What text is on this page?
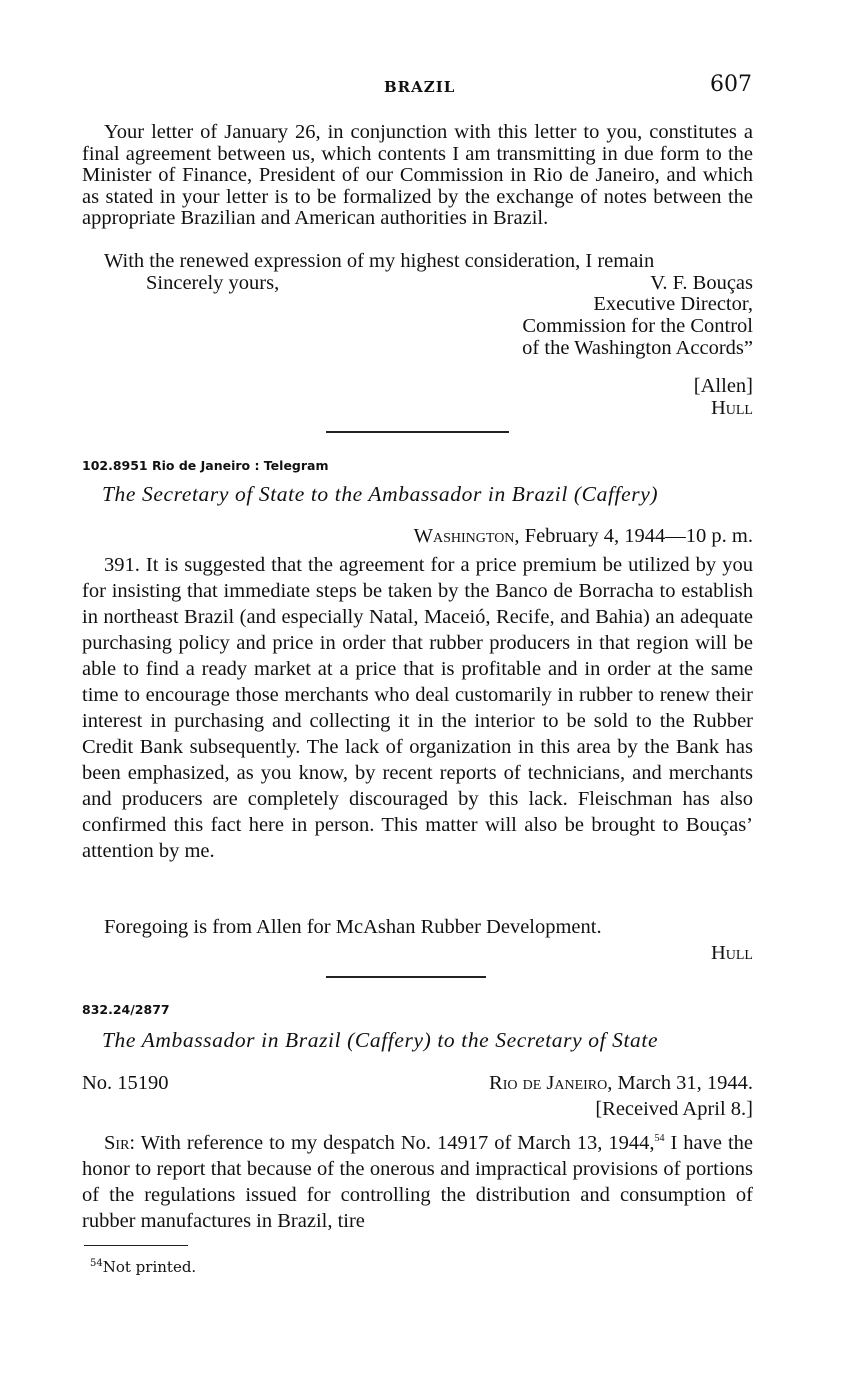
BRAZIL	607

Your letter of January 26, in conjunction with this letter to you, constitutes a final agreement between us, which contents I am transmitting in due form to the Minister of Finance, President of our Commission in Rio de Janeiro, and which as stated in your letter is to be formalized by the exchange of notes between the appropriate Brazilian and American authorities in Brazil.

With the renewed expression of my highest consideration, I remain
Sincerely yours,	V. F. Bouças
Executive Director,
Commission for the Control
of the Washington Accords”
[Allen]
Hull
102.8951 Rio de Janeiro : Telegram
The Secretary of State to the Ambassador in Brazil (Caffery)
Washington, February 4, 1944—10 p. m.

391. It is suggested that the agreement for a price premium be utilized by you for insisting that immediate steps be taken by the Banco de Borracha to establish in northeast Brazil (and especially Natal, Maceió, Recife, and Bahia) an adequate purchasing policy and price in order that rubber producers in that region will be able to find a ready market at a price that is profitable and in order at the same time to encourage those merchants who deal customarily in rubber to renew their interest in purchasing and collecting it in the interior to be sold to the Rubber Credit Bank subsequently. The lack of organization in this area by the Bank has been emphasized, as you know, by recent reports of technicians, and merchants and producers are completely discouraged by this lack. Fleischman has also confirmed this fact here in person. This matter will also be brought to Bouças’ attention by me.

Foregoing is from Allen for McAshan Rubber Development.
Hull
832.24/2877
The Ambassador in Brazil (Caffery) to the Secretary of State
No. 15190	Rio de Janeiro, March 31, 1944.
[Received April 8.]

Sir: With reference to my despatch No. 14917 of March 13, 1944,54 I have the honor to report that because of the onerous and impractical provisions of portions of the regulations issued for controlling the distribution and consumption of rubber manufactures in Brazil, tire

$^{54}$Not printed.
